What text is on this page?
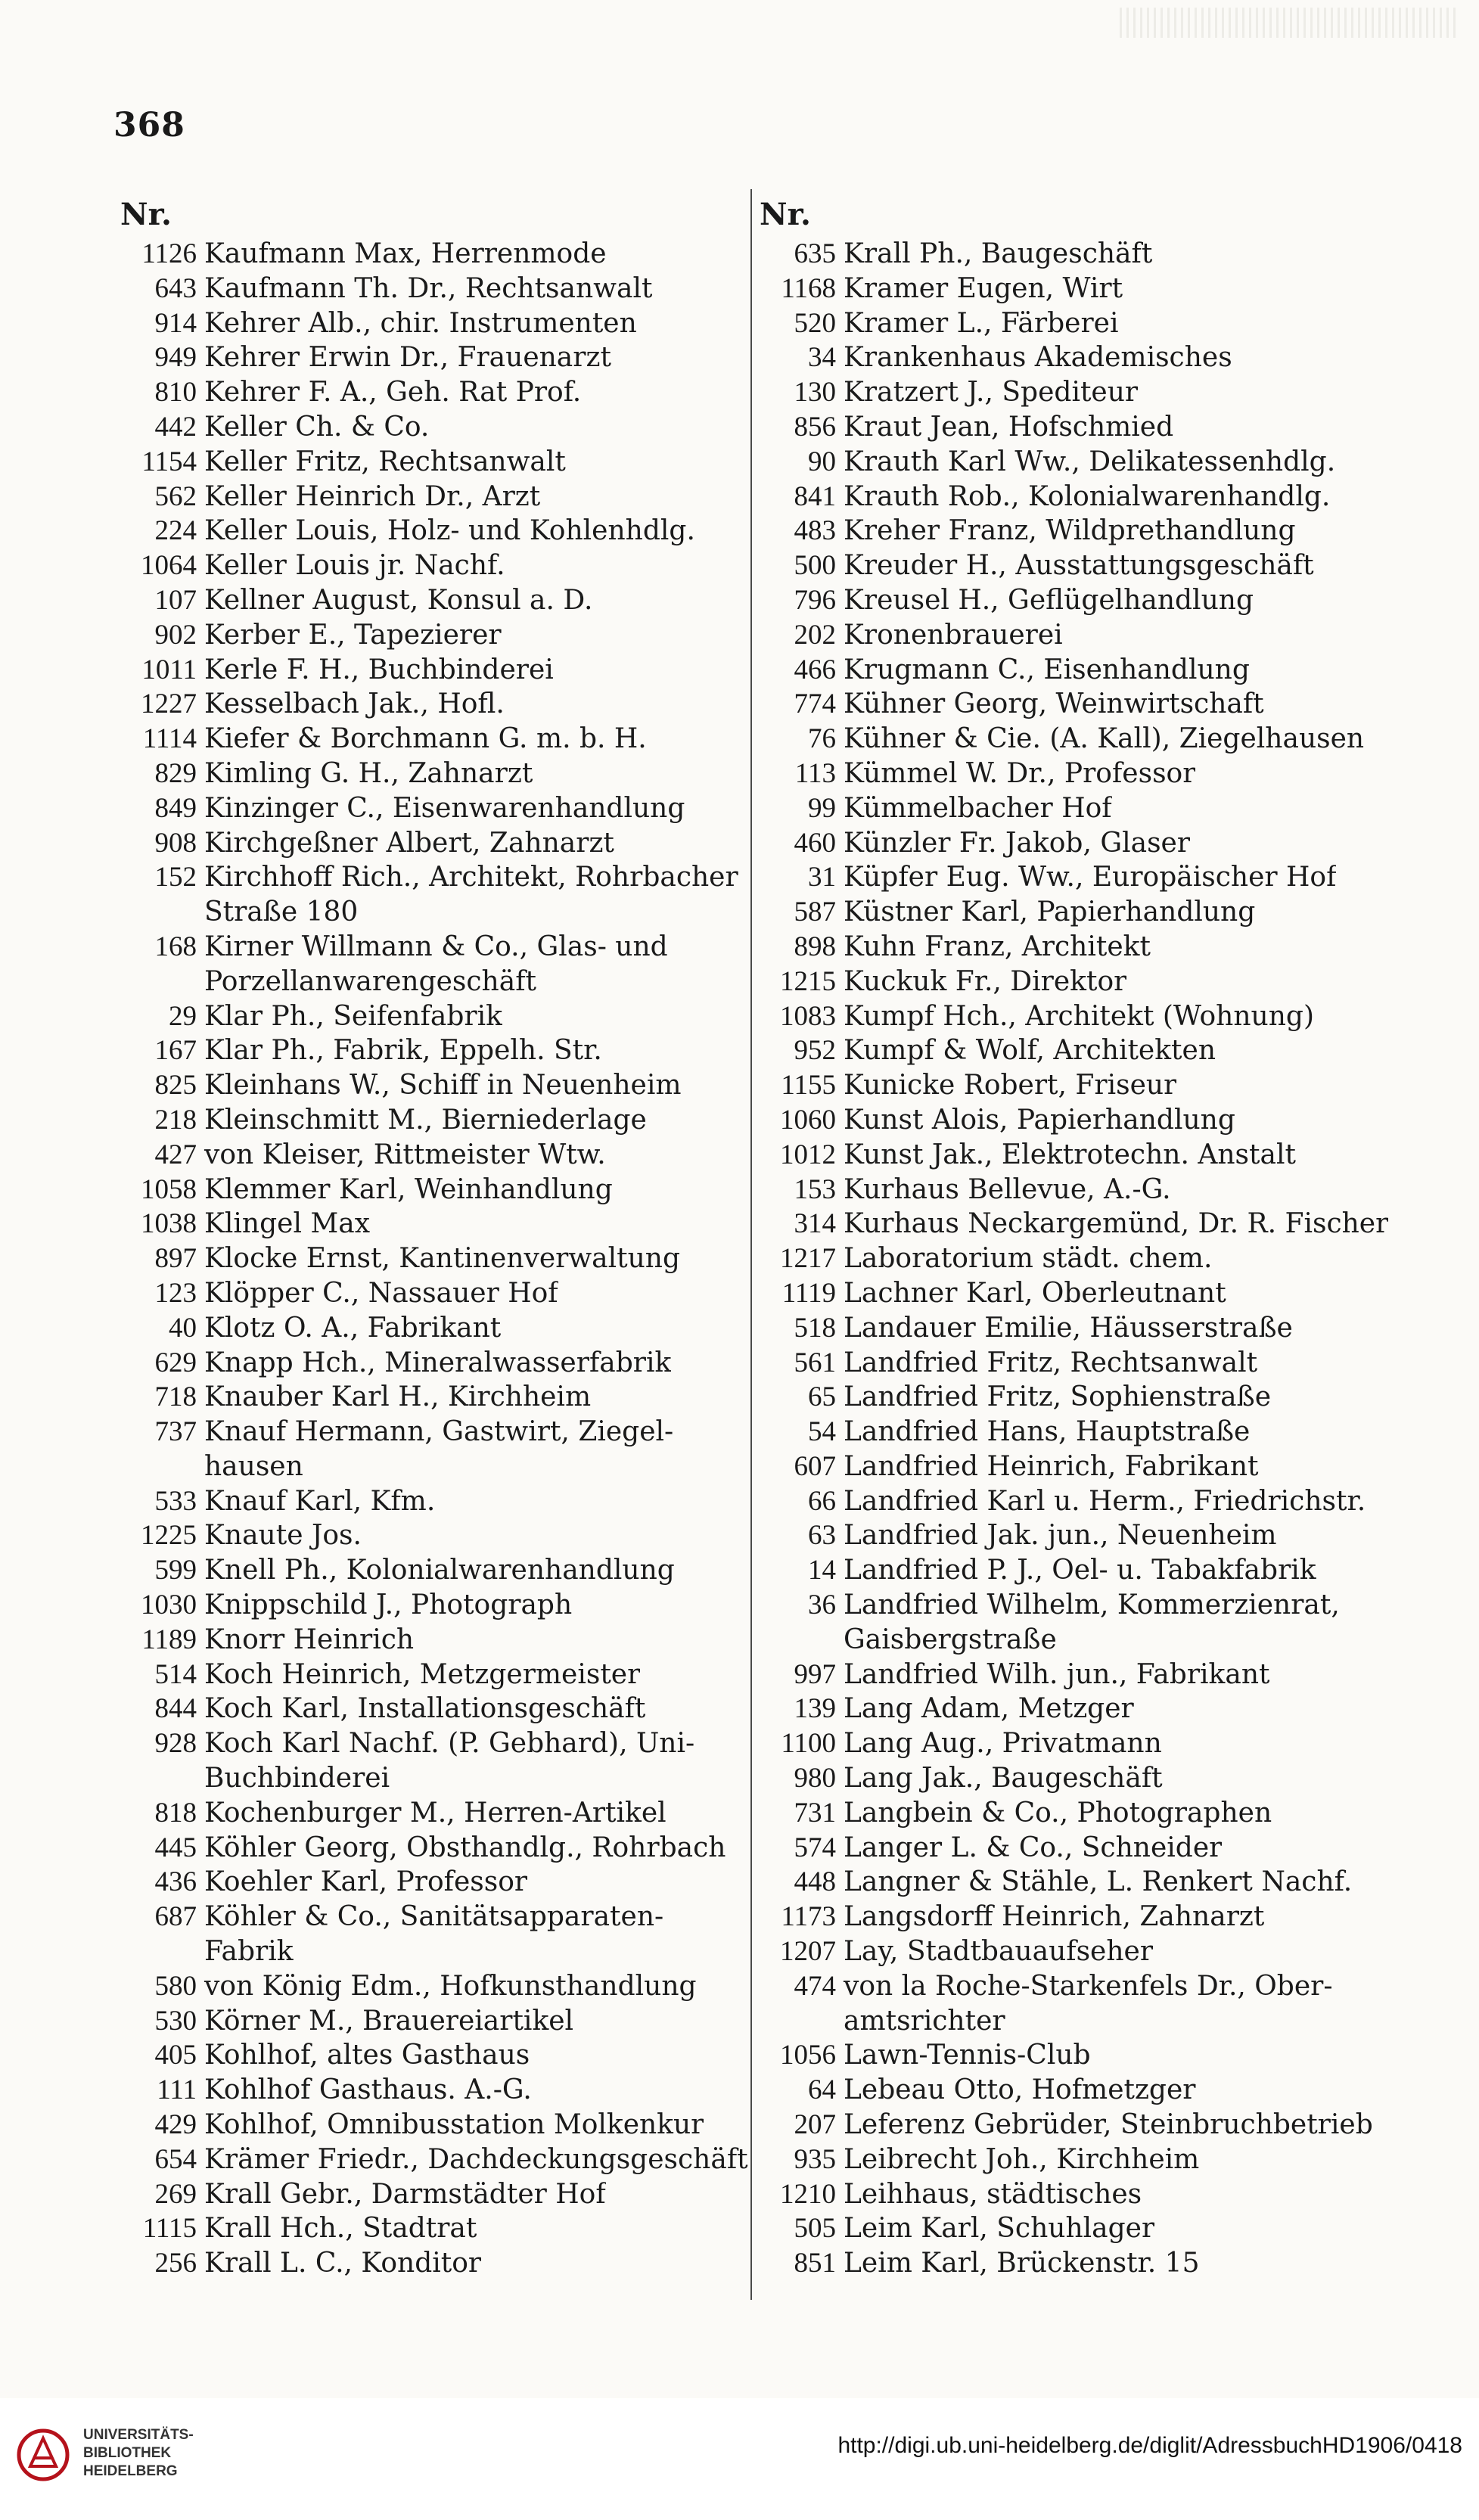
368
Nr.
1126 Kaufmann Max, Herrenmode
643 Kaufmann Th. Dr., Rechtsanwalt
914 Kehrer Alb., chir. Instrumenten
949 Kehrer Erwin Dr., Frauenarzt
810 Kehrer F. A., Geh. Rat Prof.
442 Keller Ch. & Co.
1154 Keller Fritz, Rechtsanwalt
562 Keller Heinrich Dr., Arzt
224 Keller Louis, Holz- und Kohlenhdlg.
1064 Keller Louis jr. Nachf.
107 Kellner August, Konsul a. D.
902 Kerber E., Tapezierer
1011 Kerle F. H., Buchbinderei
1227 Kesselbach Jak., Hofl.
1114 Kiefer & Borchmann G. m. b. H.
829 Kimling G. H., Zahnarzt
849 Kinzinger C., Eisenwarenhandlung
908 Kirchgeßner Albert, Zahnarzt
152 Kirchhoff Rich., Architekt, Rohrbacher
Straße 180
168 Kirner Willmann & Co., Glas- und
Porzellanwarengeschäft
29 Klar Ph., Seifenfabrik
167 Klar Ph., Fabrik, Eppelh. Str.
825 Kleinhans W., Schiff in Neuenheim
218 Kleinschmitt M., Bierniederlage
427 von Kleiser, Rittmeister Wtw.
1058 Klemmer Karl, Weinhandlung
1038 Klingel Max
897 Klocke Ernst, Kantinenverwaltung
123 Klöpper C., Nassauer Hof
40 Klotz O. A., Fabrikant
629 Knapp Hch., Mineralwasserfabrik
718 Knauber Karl H., Kirchheim
737 Knauf Hermann, Gastwirt, Ziegel-
hausen
533 Knauf Karl, Kfm.
1225 Knaute Jos.
599 Knell Ph., Kolonialwarenhandlung
1030 Knippschild J., Photograph
1189 Knorr Heinrich
514 Koch Heinrich, Metzgermeister
844 Koch Karl, Installationsgeschäft
928 Koch Karl Nachf. (P. Gebhard), Uni-
Buchbinderei
818 Kochenburger M., Herren-Artikel
445 Köhler Georg, Obsthandlg., Rohrbach
436 Koehler Karl, Professor
687 Köhler & Co., Sanitätsapparaten-
Fabrik
580 von König Edm., Hofkunsthandlung
530 Körner M., Brauereiartikel
405 Kohlhof, altes Gasthaus
111 Kohlhof Gasthaus. A.-G.
429 Kohlhof, Omnibusstation Molkenkur
654 Krämer Friedr., Dachdeckungsgeschäft
269 Krall Gebr., Darmstädter Hof
1115 Krall Hch., Stadtrat
256 Krall L. C., Konditor
Nr.
635 Krall Ph., Baugeschäft
1168 Kramer Eugen, Wirt
520 Kramer L., Färberei
34 Krankenhaus Akademisches
130 Kratzert J., Spediteur
856 Kraut Jean, Hofschmied
90 Krauth Karl Ww., Delikatessenhdlg.
841 Krauth Rob., Kolonialwarenhandlg.
483 Kreher Franz, Wildprethandlung
500 Kreuder H., Ausstattungsgeschäft
796 Kreusel H., Geflügelhandlung
202 Kronenbrauerei
466 Krugmann C., Eisenhandlung
774 Kühner Georg, Weinwirtschaft
76 Kühner & Cie. (A. Kall), Ziegelhausen
113 Kümmel W. Dr., Professor
99 Kümmelbacher Hof
460 Künzler Fr. Jakob, Glaser
31 Küpfer Eug. Ww., Europäischer Hof
587 Küstner Karl, Papierhandlung
898 Kuhn Franz, Architekt
1215 Kuckuk Fr., Direktor
1083 Kumpf Hch., Architekt (Wohnung)
952 Kumpf & Wolf, Architekten
1155 Kunicke Robert, Friseur
1060 Kunst Alois, Papierhandlung
1012 Kunst Jak., Elektrotechn. Anstalt
153 Kurhaus Bellevue, A.-G.
314 Kurhaus Neckargemünd, Dr. R. Fischer
1217 Laboratorium städt. chem.
1119 Lachner Karl, Oberleutnant
518 Landauer Emilie, Häusserstraße
561 Landfried Fritz, Rechtsanwalt
65 Landfried Fritz, Sophienstraße
54 Landfried Hans, Hauptstraße
607 Landfried Heinrich, Fabrikant
66 Landfried Karl u. Herm., Friedrichstr.
63 Landfried Jak. jun., Neuenheim
14 Landfried P. J., Oel- u. Tabakfabrik
36 Landfried Wilhelm, Kommerzienrat,
Gaisbergstraße
997 Landfried Wilh. jun., Fabrikant
139 Lang Adam, Metzger
1100 Lang Aug., Privatmann
980 Lang Jak., Baugeschäft
731 Langbein & Co., Photographen
574 Langer L. & Co., Schneider
448 Langner & Stähle, L. Renkert Nachf.
1173 Langsdorff Heinrich, Zahnarzt
1207 Lay, Stadtbauaufseher
474 von la Roche-Starkenfels Dr., Ober-
amtsrichter
1056 Lawn-Tennis-Club
64 Lebeau Otto, Hofmetzger
207 Leferenz Gebrüder, Steinbruchbetrieb
935 Leibrecht Joh., Kirchheim
1210 Leihhaus, städtisches
505 Leim Karl, Schuhlager
851 Leim Karl, Brückenstr. 15
UNIVERSITÄTS-
BIBLIOTHEK
HEIDELBERG
http://digi.ub.uni-heidelberg.de/diglit/AdressbuchHD1906/0418
